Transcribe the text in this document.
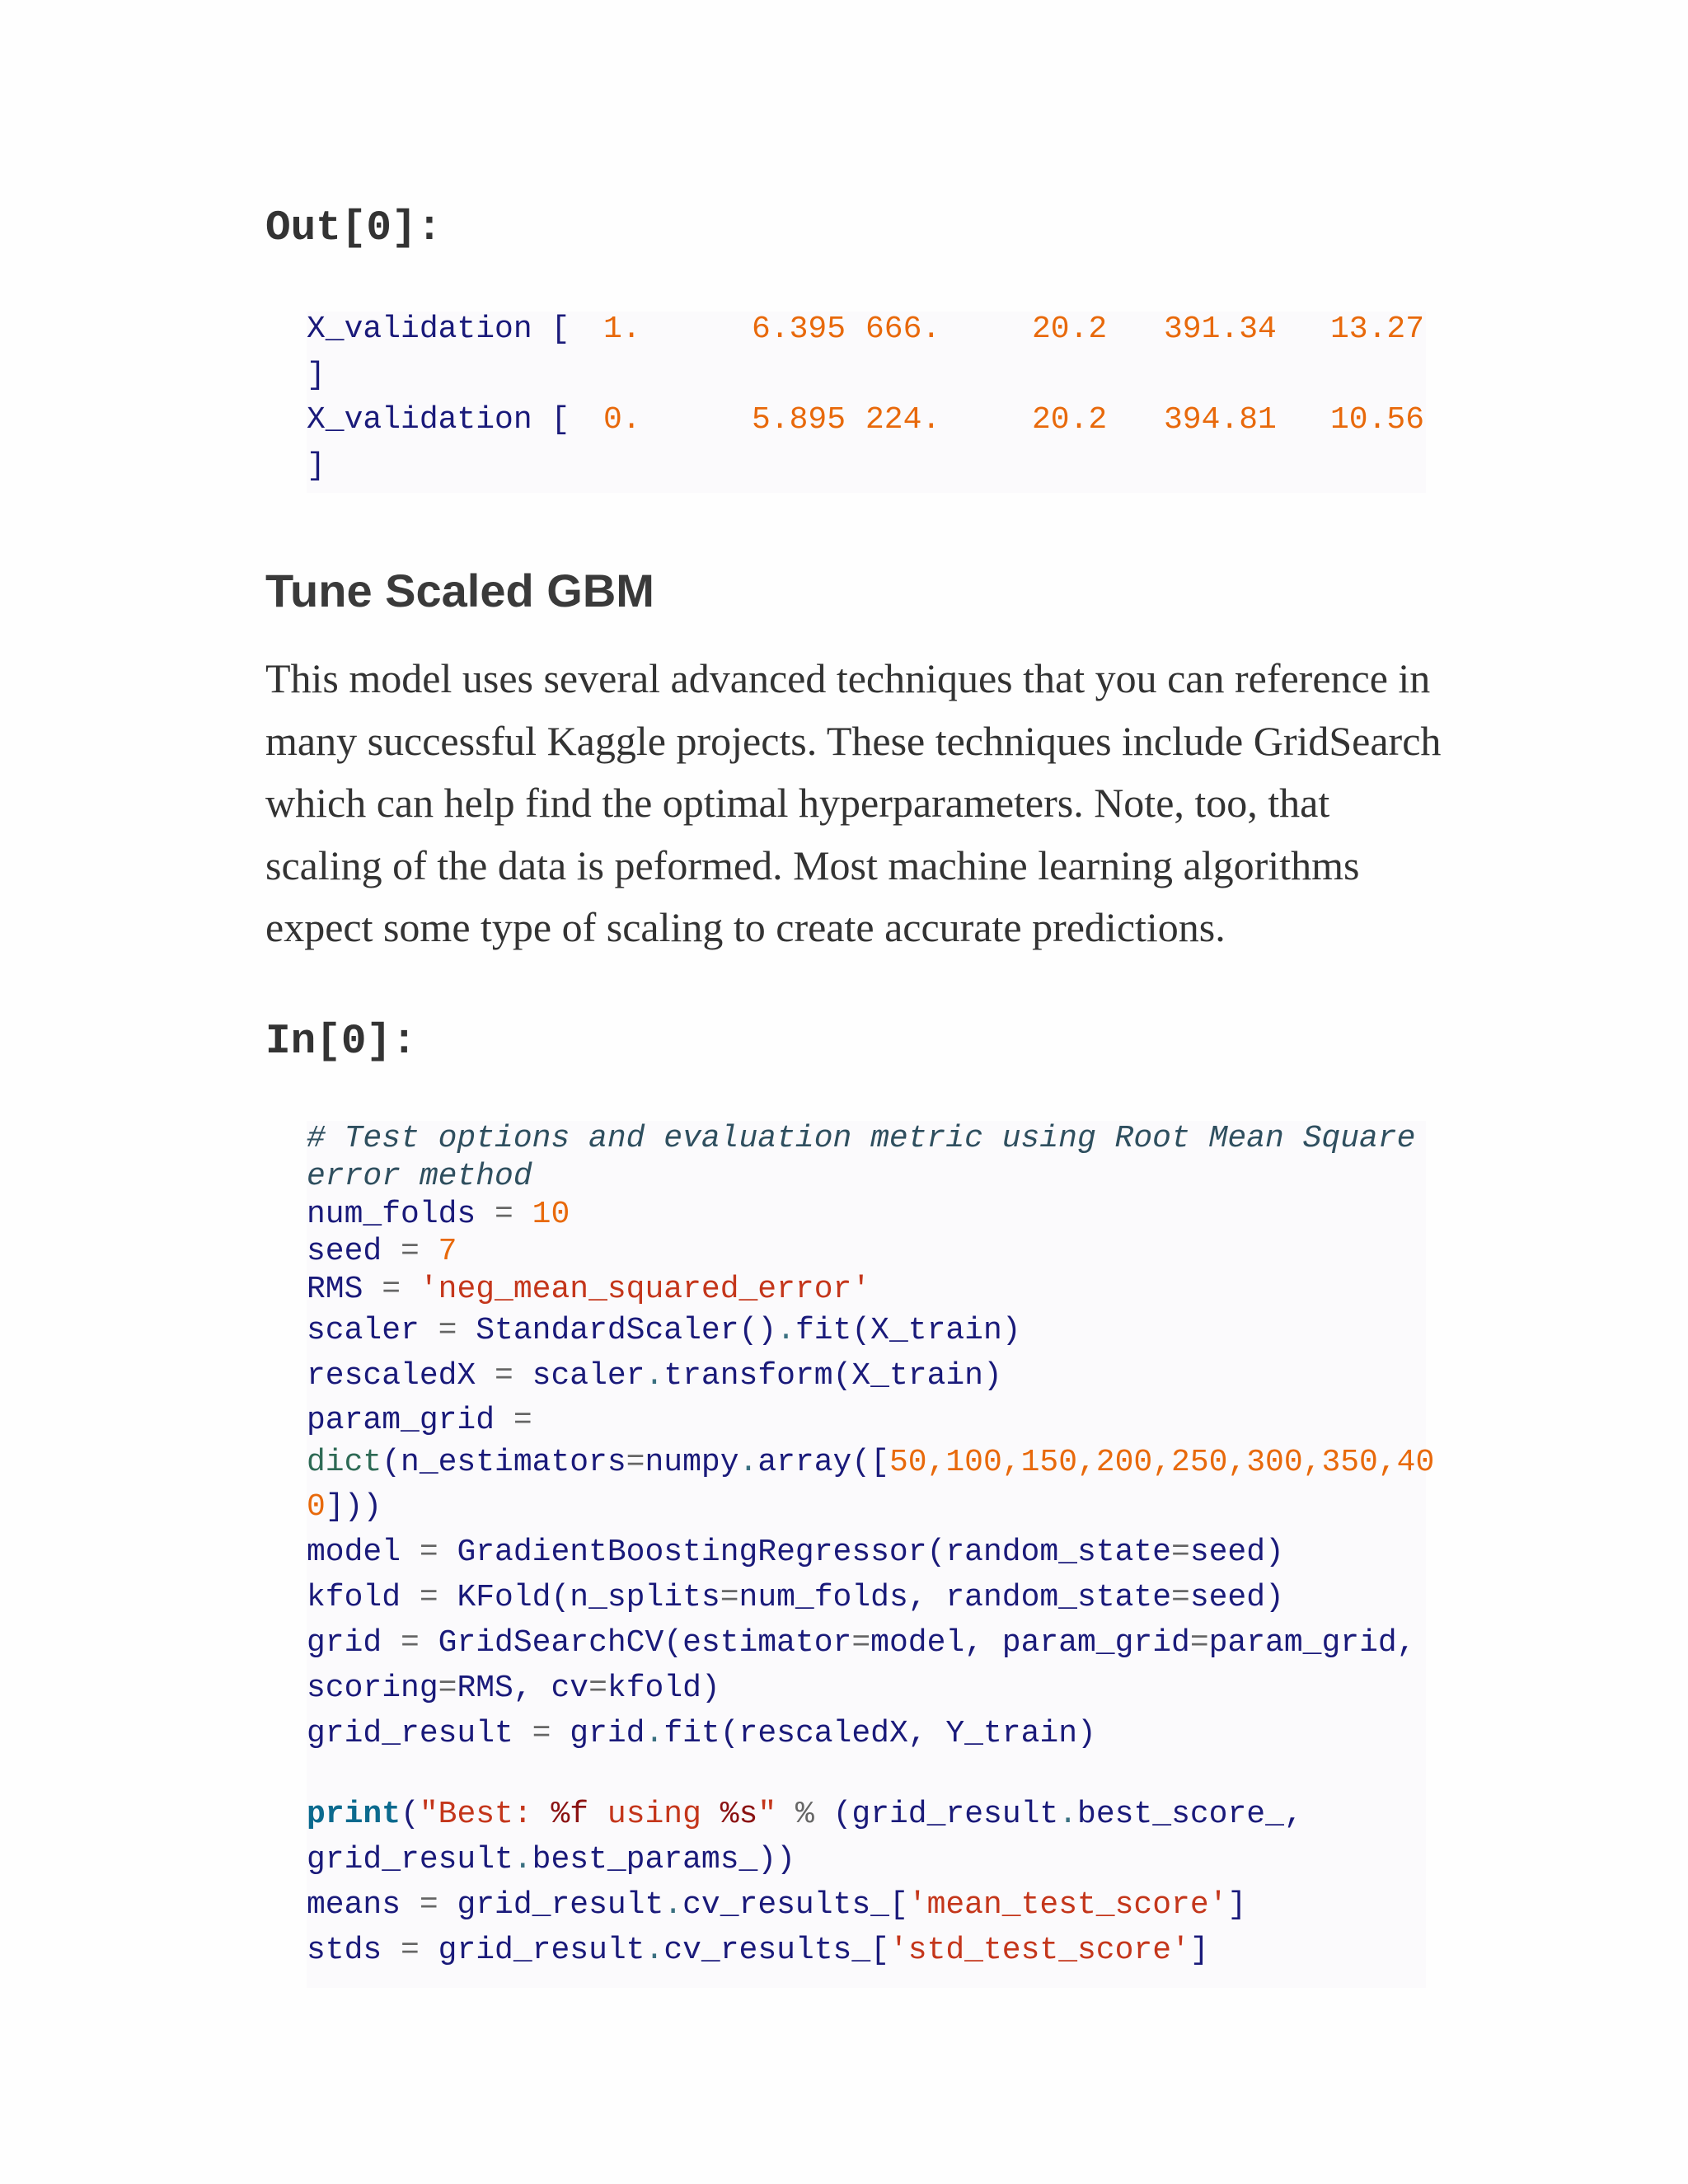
Out[0]:

X_validation [ 1.	6.395 666.	20.2 391.34 13.27

]

X_validation [ 0.	5.895 224.	20.2 394.81 10.56

]

Tune Scaled GBM

This model uses several advanced techniques that you can reference in many successful Kaggle projects. These techniques include GridSearch which can help find the optimal hyperparameters. Note, too, that scaling of the data is peformed. Most machine learning algorithms expect some type of scaling to create accurate predictions.

In[0]:

# Test options and evaluation metric using Root Mean Square

error method

num_folds = 10

seed = 7

RMS = 'neg_mean_squared_error'

scaler = StandardScaler().fit(X_train)

rescaledX = scaler.transform(X_train)

param_grid =

dict(n_estimators=numpy.array([50,100,150,200,250,300,350,40

0]))

model = GradientBoostingRegressor(random_state=seed)

kfold = KFold(n_splits=num_folds, random_state=seed)

grid = GridSearchCV(estimator=model, param_grid=param_grid,

scoring=RMS, cv=kfold)

grid_result = grid.fit(rescaledX, Y_train)

print("Best: %f using %s" % (grid_result.best_score_,

grid_result.best_params_))

means = grid_result.cv_results_['mean_test_score']

stds = grid_result.cv_results_['std_test_score']
